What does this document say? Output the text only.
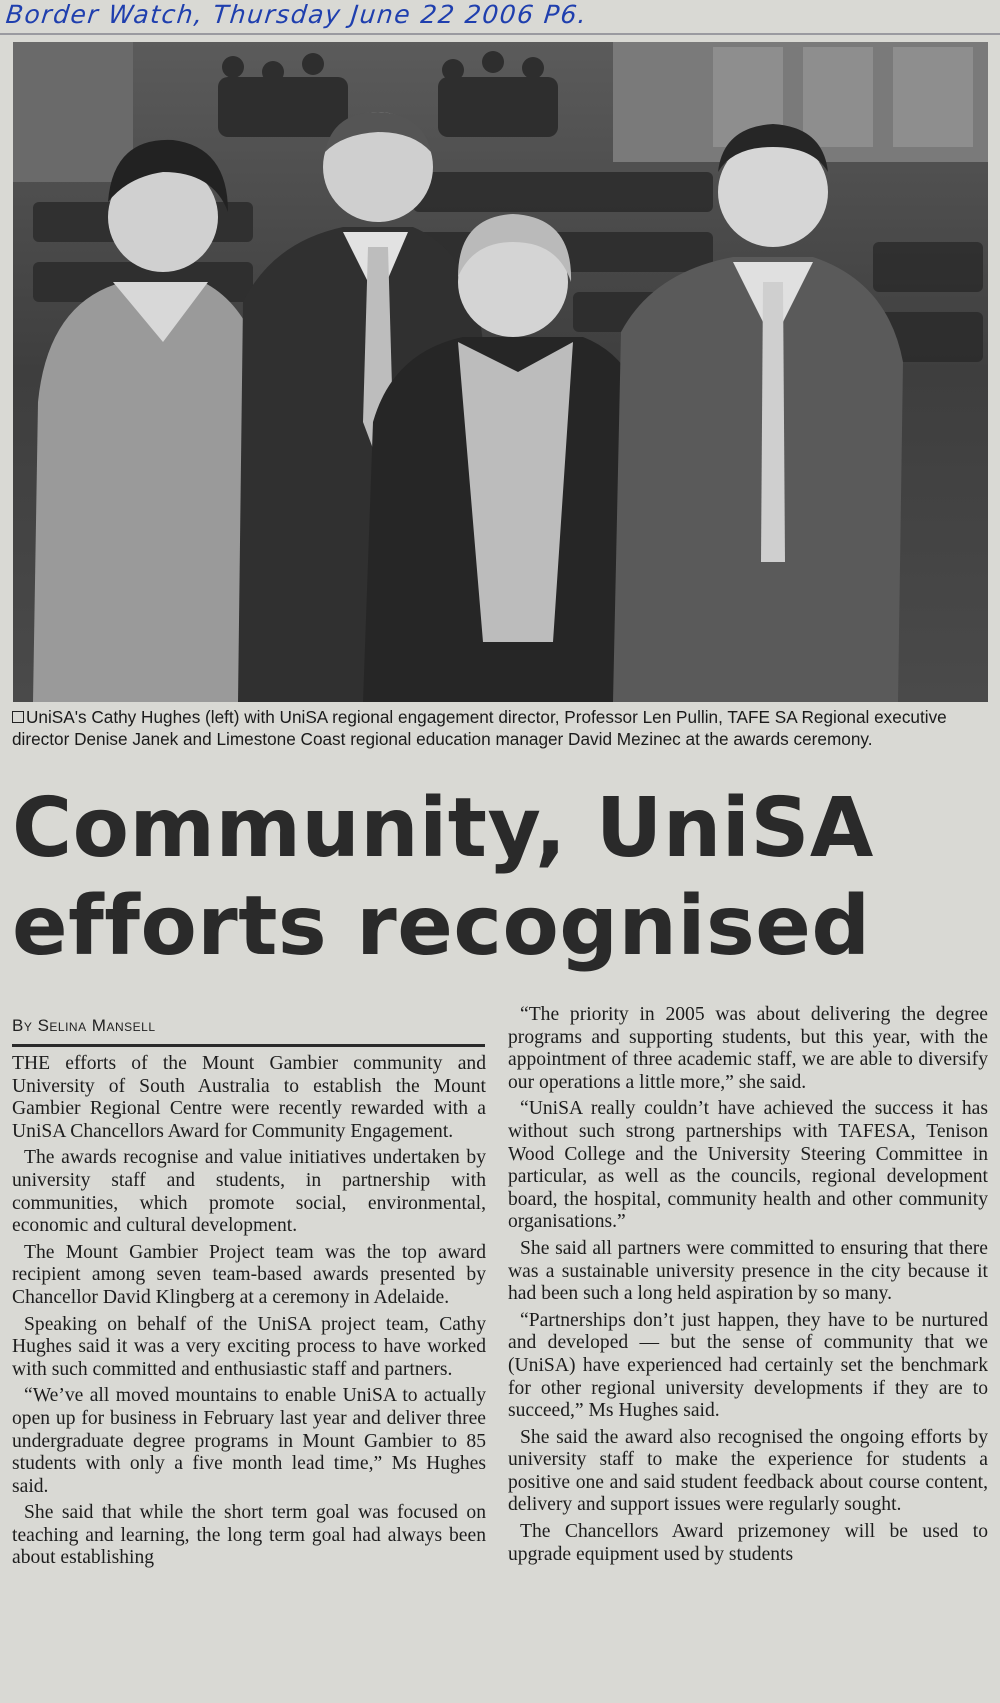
Border Watch, Thursday June 22 2006 P6.
UniSA's Cathy Hughes (left) with UniSA regional engagement director, Professor Len Pullin, TAFE SA Regional executive director Denise Janek and Limestone Coast regional education manager David Mezinec at the awards ceremony.
Community, UniSA
efforts recognised
By Selina Mansell

THE efforts of the Mount Gambier community and University of South Australia to establish the Mount Gambier Regional Centre were recently rewarded with a UniSA Chancellors Award for Community Engagement.

The awards recognise and value initiatives undertaken by university staff and students, in partnership with communities, which promote social, environmental, economic and cultural development.

The Mount Gambier Project team was the top award recipient among seven team-based awards presented by Chancellor David Klingberg at a ceremony in Adelaide.

Speaking on behalf of the UniSA project team, Cathy Hughes said it was a very exciting process to have worked with such committed and enthusiastic staff and partners.

“We’ve all moved mountains to enable UniSA to actually open up for business in February last year and deliver three undergraduate degree programs in Mount Gambier to 85 students with only a five month lead time,” Ms Hughes said.

She said that while the short term goal was focused on teaching and learning, the long term goal had always been about establishing

“The priority in 2005 was about delivering the degree programs and supporting students, but this year, with the appointment of three academic staff, we are able to diversify our operations a little more,” she said.

“UniSA really couldn’t have achieved the success it has without such strong partnerships with TAFESA, Tenison Wood College and the University Steering Committee in particular, as well as the councils, regional development board, the hospital, community health and other community organisations.”

She said all partners were committed to ensuring that there was a sustainable university presence in the city because it had been such a long held aspiration by so many.

“Partnerships don’t just happen, they have to be nurtured and developed — but the sense of community that we (UniSA) have experienced had certainly set the benchmark for other regional university developments if they are to succeed,” Ms Hughes said.

She said the award also recognised the ongoing efforts by university staff to make the experience for students a positive one and said student feedback about course content, delivery and support issues were regularly sought.

The Chancellors Award prizemoney will be used to upgrade equipment used by students
